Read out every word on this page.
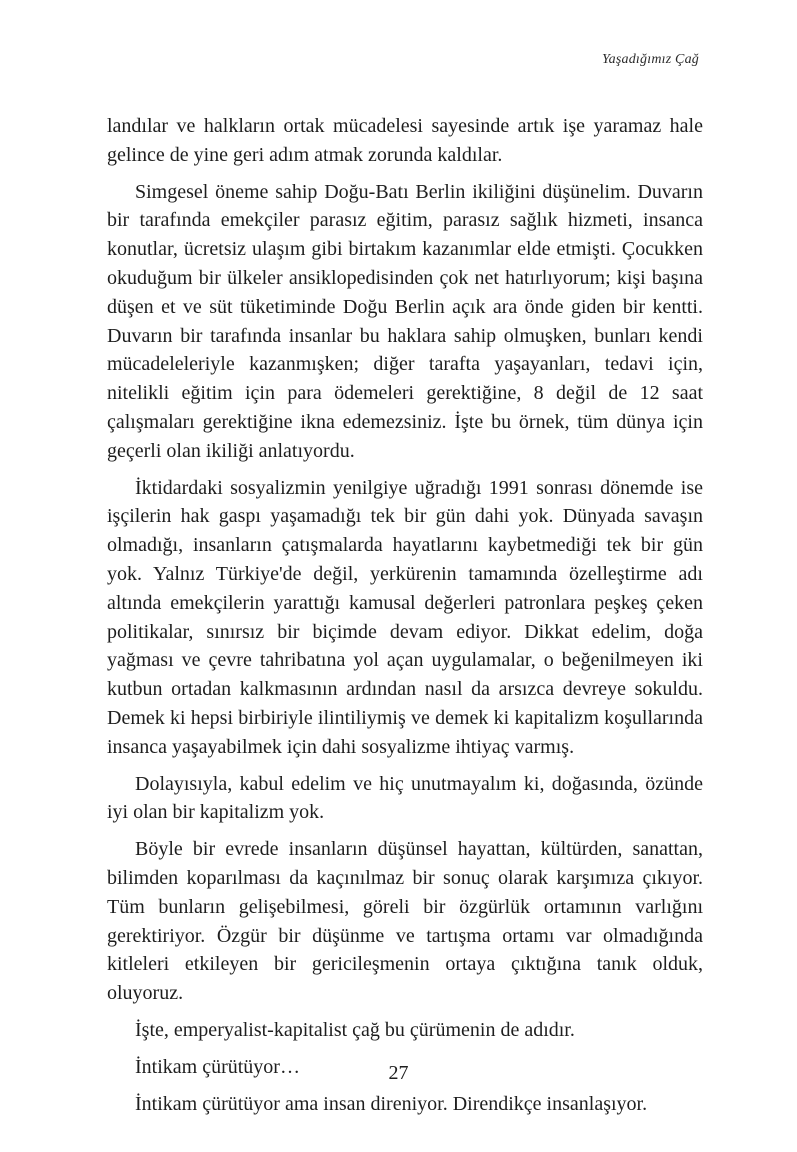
Yaşadığımız Çağ

landılar ve halkların ortak mücadelesi sayesinde artık işe yaramaz hale gelince de yine geri adım atmak zorunda kaldılar.

Simgesel öneme sahip Doğu-Batı Berlin ikiliğini düşünelim. Duvarın bir tarafında emekçiler parasız eğitim, parasız sağlık hizmeti, insanca konutlar, ücretsiz ulaşım gibi birtakım kazanımlar elde etmişti. Çocukken okuduğum bir ülkeler ansiklopedisinden çok net hatırlıyorum; kişi başına düşen et ve süt tüketiminde Doğu Berlin açık ara önde giden bir kentti. Duvarın bir tarafında insanlar bu haklara sahip olmuşken, bunları kendi mücadeleleriyle kazanmışken; diğer tarafta yaşayanları, tedavi için, nitelikli eğitim için para ödemeleri gerektiğine, 8 değil de 12 saat çalışmaları gerektiğine ikna edemezsiniz. İşte bu örnek, tüm dünya için geçerli olan ikiliği anlatıyordu.

İktidardaki sosyalizmin yenilgiye uğradığı 1991 sonrası dönemde ise işçilerin hak gaspı yaşamadığı tek bir gün dahi yok. Dünyada savaşın olmadığı, insanların çatışmalarda hayatlarını kaybetmediği tek bir gün yok. Yalnız Türkiye'de değil, yerkürenin tamamında özelleştirme adı altında emekçilerin yarattığı kamusal değerleri patronlara peşkeş çeken politikalar, sınırsız bir biçimde devam ediyor. Dikkat edelim, doğa yağması ve çevre tahribatına yol açan uygulamalar, o beğenilmeyen iki kutbun ortadan kalkmasının ardından nasıl da arsızca devreye sokuldu. Demek ki hepsi birbiriyle ilintiliymiş ve demek ki kapitalizm koşullarında insanca yaşayabilmek için dahi sosyalizme ihtiyaç varmış.

Dolayısıyla, kabul edelim ve hiç unutmayalım ki, doğasında, özünde iyi olan bir kapitalizm yok.

Böyle bir evrede insanların düşünsel hayattan, kültürden, sanattan, bilimden koparılması da kaçınılmaz bir sonuç olarak karşımıza çıkıyor. Tüm bunların gelişebilmesi, göreli bir özgürlük ortamının varlığını gerektiriyor. Özgür bir düşünme ve tartışma ortamı var olmadığında kitleleri etkileyen bir gericileşmenin ortaya çıktığına tanık olduk, oluyoruz.

İşte, emperyalist-kapitalist çağ bu çürümenin de adıdır.

İntikam çürütüyor…

İntikam çürütüyor ama insan direniyor. Direndikçe insanlaşıyor.

27
